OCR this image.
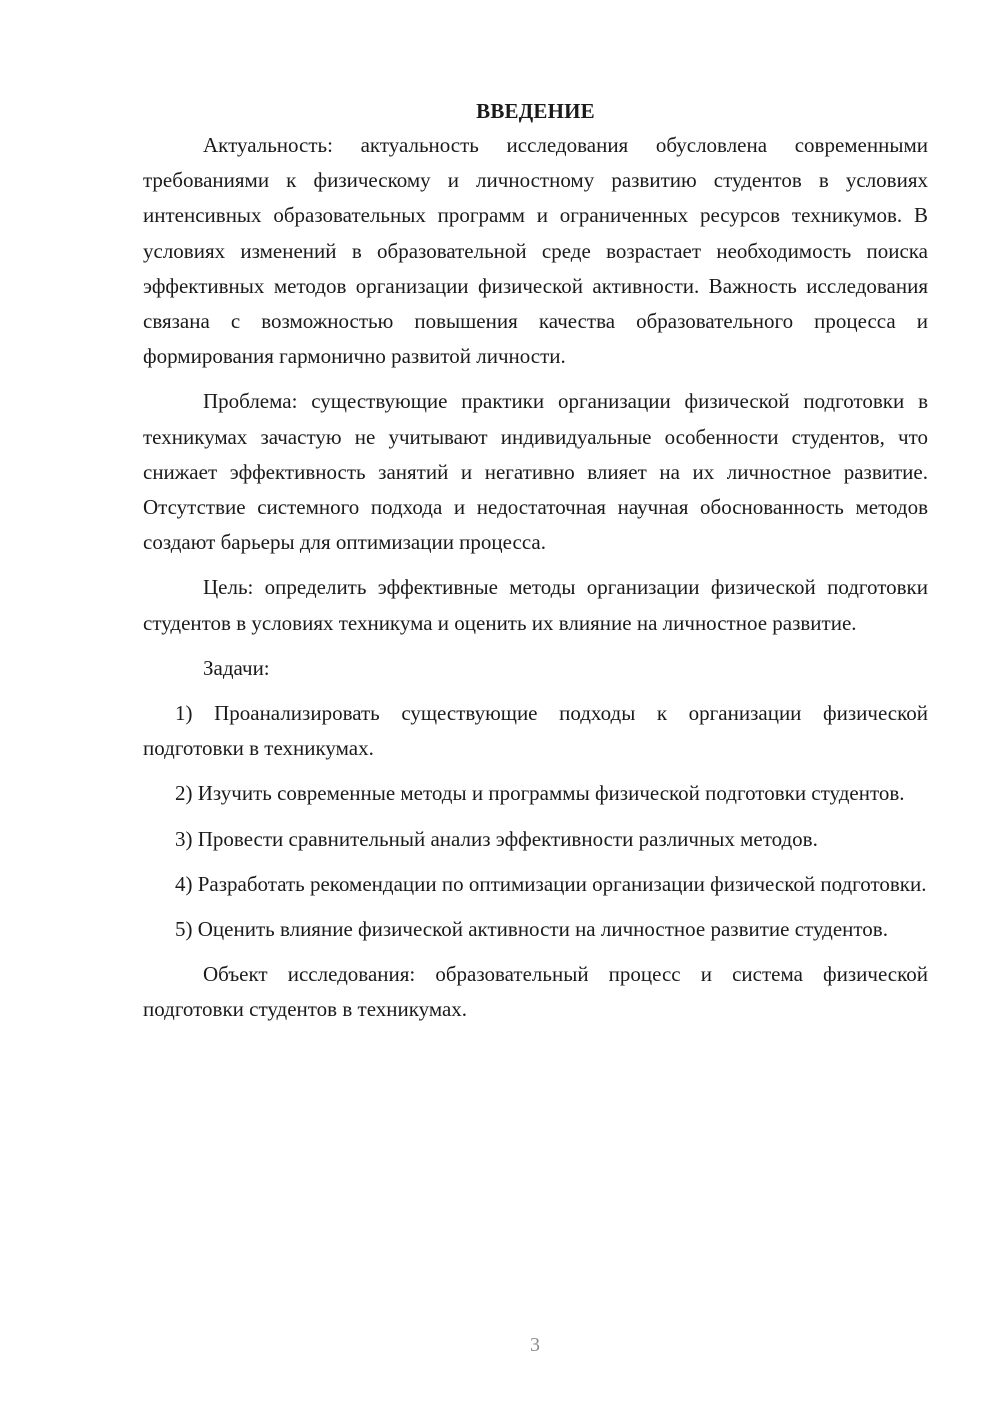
ВВЕДЕНИЕ

Актуальность: актуальность исследования обусловлена современными требованиями к физическому и личностному развитию студентов в условиях интенсивных образовательных программ и ограниченных ресурсов техникумов. В условиях изменений в образовательной среде возрастает необходимость поиска эффективных методов организации физической активности. Важность исследования связана с возможностью повышения качества образовательного процесса и формирования гармонично развитой личности.

Проблема: существующие практики организации физической подготовки в техникумах зачастую не учитывают индивидуальные особенности студентов, что снижает эффективность занятий и негативно влияет на их личностное развитие. Отсутствие системного подхода и недостаточная научная обоснованность методов создают барьеры для оптимизации процесса.

Цель: определить эффективные методы организации физической подготовки студентов в условиях техникума и оценить их влияние на личностное развитие.

Задачи:

1) Проанализировать существующие подходы к организации физической подготовки в техникумах.

2) Изучить современные методы и программы физической подготовки студентов.

3) Провести сравнительный анализ эффективности различных методов.

4) Разработать рекомендации по оптимизации организации физической подготовки.

5) Оценить влияние физической активности на личностное развитие студентов.

Объект исследования: образовательный процесс и система физической подготовки студентов в техникумах.

3
